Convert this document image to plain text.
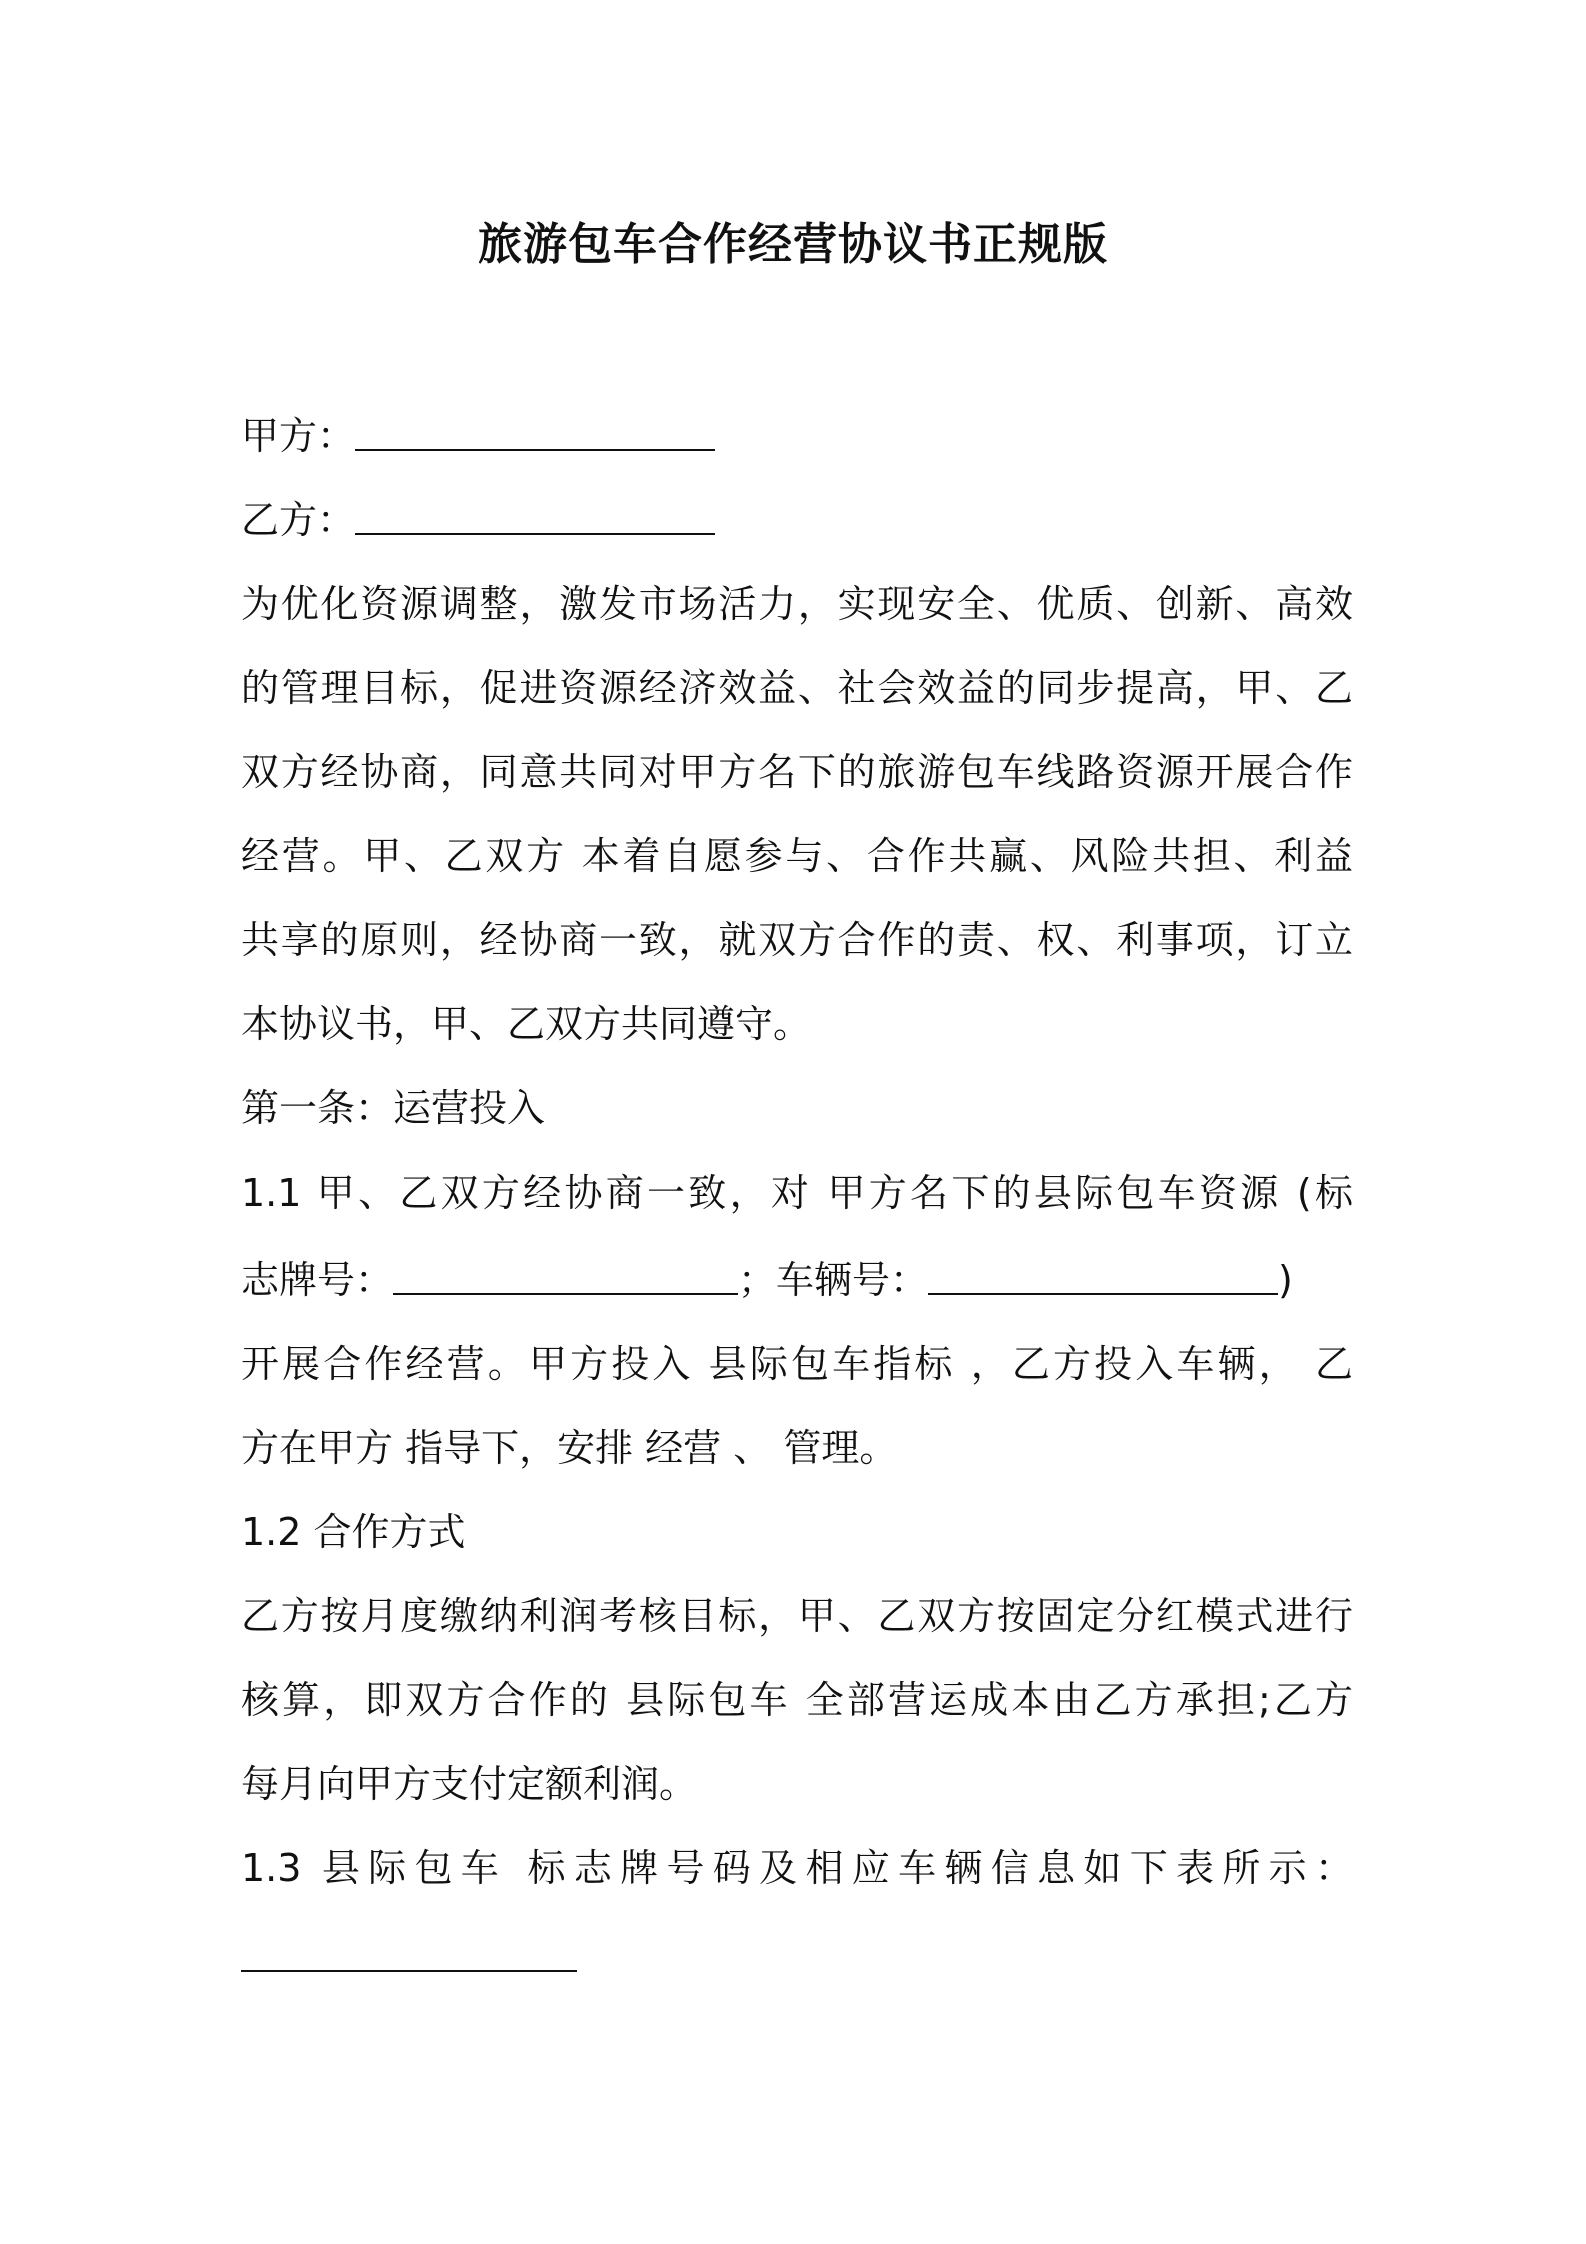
旅游包车合作经营协议书正规版

甲方：

乙方：

为优化资源调整，激发市场活力，实现安全、优质、创新、高效

的管理目标，促进资源经济效益、社会效益的同步提高，甲、乙

双方经协商，同意共同对甲方名下的旅游包车线路资源开展合作

经营。甲、乙双方 本着自愿参与、合作共赢、风险共担、利益

共享的原则，经协商一致，就双方合作的责、权、利事项，订立

本协议书，甲、乙双方共同遵守。

第一条：运营投入

1.1 甲、乙双方经协商一致，对 甲方名下的县际包车资源 (标

志牌号：	；车辆号：	)

开展合作经营。甲方投入 县际包车指标 ，乙方投入车辆， 乙

方在甲方 指导下，安排 经营 、 管理。

1.2 合作方式

乙方按月度缴纳利润考核目标，甲、乙双方按固定分红模式进行

核算，即双方合作的 县际包车 全部营运成本由乙方承担;乙方

每月向甲方支付定额利润。

1.3 县际包车 标志牌号码及相应车辆信息如下表所示：
